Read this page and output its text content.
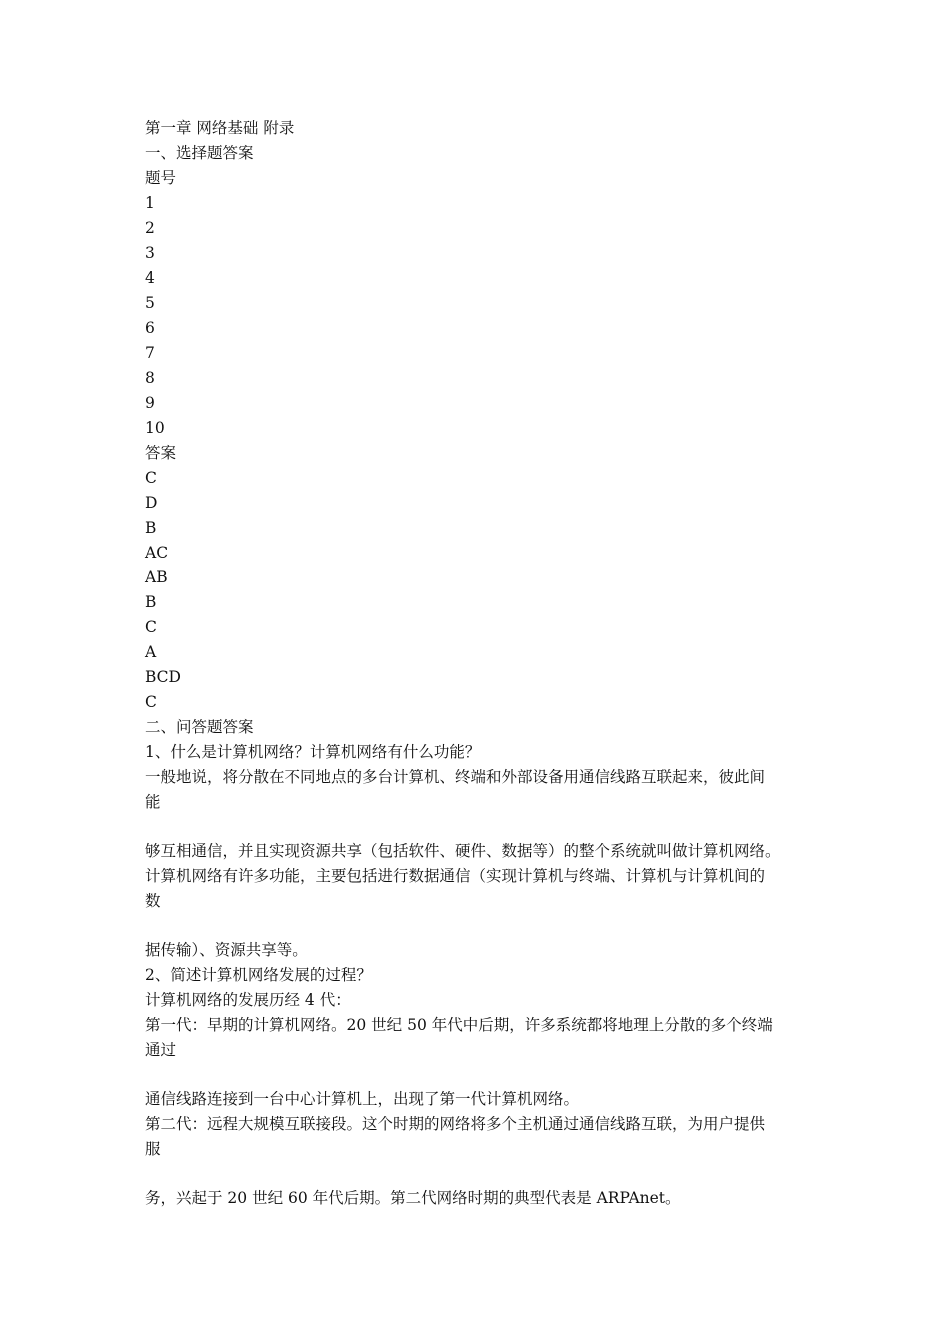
第一章 网络基础 附录
一、选择题答案
题号
1
2
3
4
5
6
7
8
9
10
答案
C
D
B
AC
AB
B
C
A
BCD
C
二、问答题答案
1、什么是计算机网络？计算机网络有什么功能？
一般地说，将分散在不同地点的多台计算机、终端和外部设备用通信线路互联起来，彼此间
能
够互相通信，并且实现资源共享（包括软件、硬件、数据等）的整个系统就叫做计算机网络。
计算机网络有许多功能，主要包括进行数据通信（实现计算机与终端、计算机与计算机间的
数
据传输）、资源共享等。
2、简述计算机网络发展的过程？
计算机网络的发展历经 4 代：
第一代：早期的计算机网络。20 世纪 50 年代中后期，许多系统都将地理上分散的多个终端
通过
通信线路连接到一台中心计算机上，出现了第一代计算机网络。
第二代：远程大规模互联接段。这个时期的网络将多个主机通过通信线路互联，为用户提供
服
务，兴起于 20 世纪 60 年代后期。第二代网络时期的典型代表是 ARPAnet。
